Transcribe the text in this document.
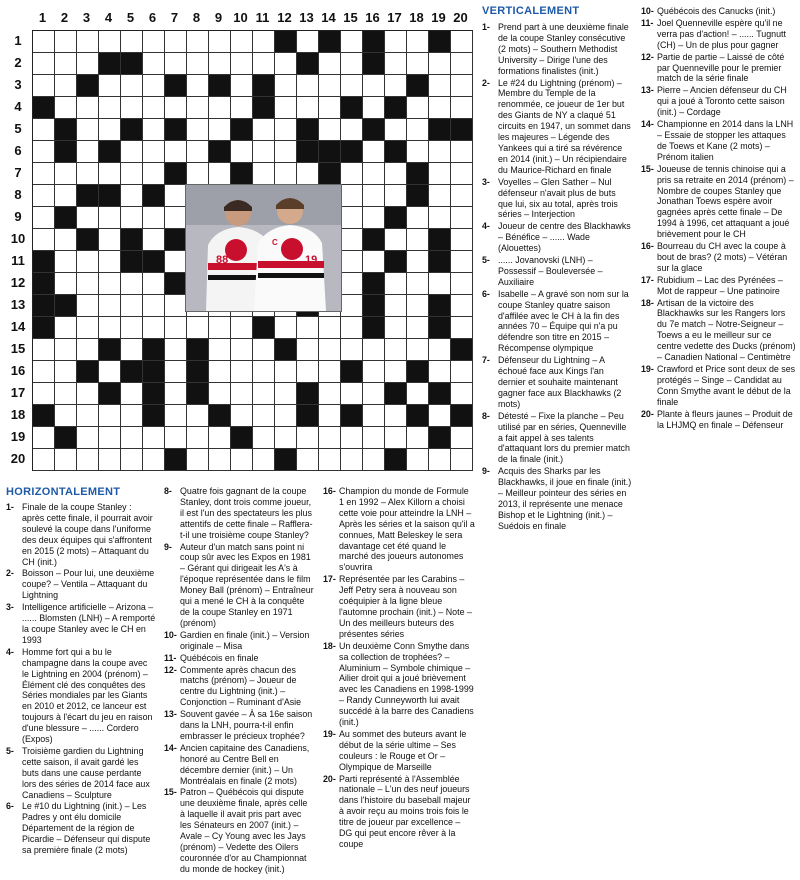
1	2	3	4	5	6	7	8	9 10 11 12 13 14 15 16 17 18 19 20
1
2
3
4
5
6
7
8
9
10
11
12
13
14
15
16
17
18
19
20
88	19
C
VERTICALEMENT
HORIZONTALEMENT
1- Prend part à une deuxième finale de la coupe Stanley consécutive (2 mots) – Southern Methodist University – Dirige l'une des formations finalistes (init.)
2- Le #24 du Lightning (prénom) – Membre du Temple de la renommée, ce joueur de 1er but des Giants de NY a claqué 51 circuits en 1947, un sommet dans les majeures – Légende des Yankees qui a tiré sa révérence en 2014 (init.) – Un récipiendaire du Maurice-Richard en finale
3- Voyelles – Glen Sather – Nul défenseur n'avait plus de buts que lui, six au total, après trois séries – Interjection
4- Joueur de centre des Blackhawks – Bénéfice – ...... Wade (Alouettes)
5- ...... Jovanovski (LNH) – Possessif – Bouleversée – Auxiliaire
6- Isabelle – A gravé son nom sur la coupe Stanley quatre saison d'affilée avec le CH à la fin des années 70 – Équipe qui n'a pu défendre son titre en 2015 – Récompense olympique
7- Défenseur du Lightning – A échoué face aux Kings l'an dernier et souhaite maintenant gagner face aux Blackhawks (2 mots)
8- Détesté – Fixe la planche – Peu utilisé par en séries, Quenneville a fait appel à ses talents d'attaquant lors du premier match de la finale (init.)
9- Acquis des Sharks par les Blackhawks, il joue en finale (init.) – Meilleur pointeur des séries en 2013, il représente une menace Bishop et le Lightning (init.) – Suédois en finale
10- Québécois des Canucks (init.)
11- Joel Quenneville espère qu'il ne verra pas d'action! – ...... Tugnutt (CH) – Un de plus pour gagner
12- Partie de partie – Laissé de côté par Quenneville pour le premier match de la série finale
13- Pierre – Ancien défenseur du CH qui a joué à Toronto cette saison (init.) – Cordage
14- Championne en 2014 dans la LNH – Essaie de stopper les attaques de Toews et Kane (2 mots) – Prénom italien
15- Joueuse de tennis chinoise qui a pris sa retraite en 2014 (prénom) – Nombre de coupes Stanley que Jonathan Toews espère avoir gagnées après cette finale – De 1994 à 1996, cet attaquant a joué brièvement pour le CH
16- Bourreau du CH avec la coupe à bout de bras? (2 mots) – Vétéran sur la glace
17- Rubidium – Lac des Pyrénées – Mot de rappeur – Une patinoire
18- Artisan de la victoire des Blackhawks sur les Rangers lors du 7e match – Notre-Seigneur – Toews a eu le meilleur sur ce centre vedette des Ducks (prénom) – Canadien National – Centimètre
19- Crawford et Price sont deux de ses protégés – Singe – Candidat au Conn Smythe avant le début de la finale
20- Plante à fleurs jaunes – Produit de la LHJMQ en finale – Défenseur
1- Finale de la coupe Stanley : après cette finale, il pourrait avoir soulevé la coupe dans l'uniforme des deux équipes qui s'affrontent en 2015 (2 mots) – Attaquant du CH (init.)
2- Boisson – Pour lui, une deuxième coupe? – Ventila – Attaquant du Lightning
3- Intelligence artificielle – Arizona – ...... Blomsten (LNH) – A remporté la coupe Stanley avec le CH en 1993
4- Homme fort qui a bu le champagne dans la coupe avec le Lightning en 2004 (prénom) – Élément clé des conquêtes des Séries mondiales par les Giants en 2010 et 2012, ce lanceur est toujours à l'écart du jeu en raison d'une blessure – ...... Cordero (Expos)
5- Troisième gardien du Lightning cette saison, il avait gardé les buts dans une cause perdante lors des séries de 2014 face aux Canadiens – Sculpture
6- Le #10 du Lightning (init.) – Les Padres y ont élu domicile Département de la région de Picardie – Défenseur qui dispute sa première finale (2 mots)
8- Quatre fois gagnant de la coupe Stanley, dont trois comme joueur, il est l'un des spectateurs les plus attentifs de cette finale – Rafflera-t-il une troisième coupe Stanley?
9- Auteur d'un match sans point ni coup sûr avec les Expos en 1981 – Gérant qui dirigeait les A's à l'époque représentée dans le film Money Ball (prénom) – Entraîneur qui a mené le CH à la conquête de la coupe Stanley en 1971 (prénom)
10- Gardien en finale (init.) – Version originale – Misa
11- Québécois en finale
12- Commente après chacun des matchs (prénom) – Joueur de centre du Lightning (init.) – Conjonction – Ruminant d'Asie
13- Souvent gavée – À sa 16e saison dans la LNH, pourra-t-il enfin embrasser le précieux trophée?
14- Ancien capitaine des Canadiens, honoré au Centre Bell en décembre dernier (init.) – Un Montréalais en finale (2 mots)
15- Patron – Québécois qui dispute une deuxième finale, après celle à laquelle il avait pris part avec les Sénateurs en 2007 (init.) – Avale – Cy Young avec les Jays (prénom) – Vedette des Oilers couronnée d'or au Championnat du monde de hockey (init.)
16- Champion du monde de Formule 1 en 1992 – Alex Killorn a choisi cette voie pour atteindre la LNH – Après les séries et la saison qu'il a connues, Matt Beleskey le sera davantage cet été quand le marché des joueurs autonomes s'ouvrira
17- Représentée par les Carabins – Jeff Petry sera à nouveau son coéquipier à la ligne bleue l'automne prochain (init.) – Note – Un des meilleurs buteurs des présentes séries
18- Un deuxième Conn Smythe dans sa collection de trophées? – Aluminium – Symbole chimique – Ailier droit qui a joué brièvement avec les Canadiens en 1998-1999 – Randy Cunneyworth lui avait succédé à la barre des Canadiens (init.)
19- Au sommet des buteurs avant le début de la série ultime – Ses couleurs : le Rouge et Or – Olympique de Marseille
20- Parti représenté à l'Assemblée nationale – L'un des neuf joueurs dans l'histoire du baseball majeur à avoir reçu au moins trois fois le titre de joueur par excellence – DG qui peut encore rêver à la coupe
